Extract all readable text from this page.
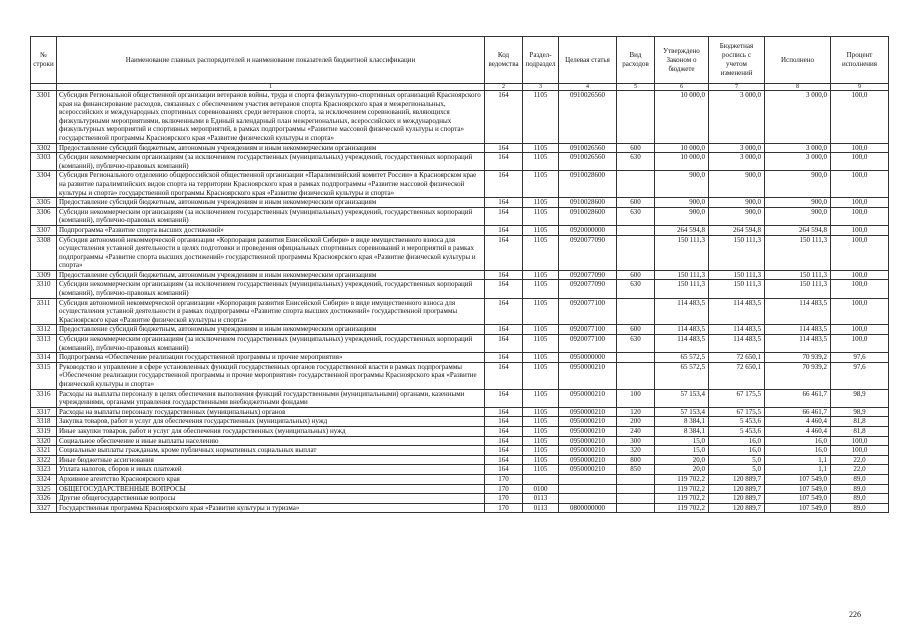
№ строки	Наименование главных распорядителей и наименование показателей бюджетной классификации	Код ведомства	Раздел-подраздел	Целевая статья	Вид расходов	Утверждено Законом о бюджете	Бюджетная роспись с учетом изменений	Исполнено	Процент исполнения
	1	2	3	4	5	6	7	8	9
3301	Субсидия Региональной общественной организации ветеранов войны, труда и спорта физкультурно-спортивных организаций Красноярского края на финансирование расходов, связанных с обеспечением участия ветеранов спорта Красноярского края в межрегиональных, всероссийских и международных спортивных соревнованиях среди ветеранов спорта, за исключением соревнований, являющихся физкультурными мероприятиями, включенными в Единый календарный план межрегиональных, всероссийских и международных физкультурных мероприятий и спортивных мероприятий, в рамках подпрограммы «Развитие массовой физической культуры и спорта» государственной программы Красноярского края «Развитие физической культуры и спорта»	164	1105	0910026560		10 000,0	3 000,0	3 000,0	100,0
3302	Предоставление субсидий бюджетным, автономным учреждениям и иным некоммерческим организациям	164	1105	0910026560	600	10 000,0	3 000,0	3 000,0	100,0
3303	Субсидии некоммерческим организациям (за исключением государственных (муниципальных) учреждений, государственных корпораций (компаний), публично-правовых компаний)	164	1105	0910026560	630	10 000,0	3 000,0	3 000,0	100,0
3304	Субсидия Регионального отделению общероссийской общественной организации «Паралимпийский комитет России» в Красноярском крае на развитие паралимпийских видов спорта на территории Красноярского края в рамках подпрограммы «Развитие массовой физической культуры и спорта» государственной программы Красноярского края «Развитие физической культуры и спорта»	164	1105	0910028600		900,0	900,0	900,0	100,0
3305	Предоставление субсидий бюджетным, автономным учреждениям и иным некоммерческим организациям	164	1105	0910028600	600	900,0	900,0	900,0	100,0
3306	Субсидии некоммерческим организациям (за исключением государственных (муниципальных) учреждений, государственных корпораций (компаний), публично-правовых компаний)	164	1105	0910028600	630	900,0	900,0	900,0	100,0
3307	Подпрограмма «Развитие спорта высших достижений»	164	1105	0920000000		264 594,8	264 594,8	264 594,8	100,0
3308	Субсидия автономной некоммерческой организации «Корпорация развития Енисейской Сибири» в виде имущественного взноса для осуществления уставной деятельности в целях подготовки и проведения официальных спортивных соревнований и мероприятий в рамках подпрограммы «Развитие спорта высших достижений» государственной программы Красноярского края «Развитие физической культуры и спорта»	164	1105	0920077090		150 111,3	150 111,3	150 111,3	100,0
3309	Предоставление субсидий бюджетным, автономным учреждениям и иным некоммерческим организациям	164	1105	0920077090	600	150 111,3	150 111,3	150 111,3	100,0
3310	Субсидии некоммерческим организациям (за исключением государственных (муниципальных) учреждений, государственных корпораций (компаний), публично-правовых компаний)	164	1105	0920077090	630	150 111,3	150 111,3	150 111,3	100,0
3311	Субсидия автономной некоммерческой организации «Корпорация развития Енисейской Сибири» в виде имущественного взноса для осуществления уставной деятельности в рамках подпрограммы «Развитие спорта высших достижений» государственной программы Красноярского края «Развитие физической культуры и спорта»	164	1105	0920077100		114 483,5	114 483,5	114 483,5	100,0
3312	Предоставление субсидий бюджетным, автономным учреждениям и иным некоммерческим организациям	164	1105	0920077100	600	114 483,5	114 483,5	114 483,5	100,0
3313	Субсидии некоммерческим организациям (за исключением государственных (муниципальных) учреждений, государственных корпораций (компаний), публично-правовых компаний)	164	1105	0920077100	630	114 483,5	114 483,5	114 483,5	100,0
3314	Подпрограмма «Обеспечение реализации государственной программы и прочие мероприятия»	164	1105	0950000000		65 572,5	72 650,1	70 939,2	97,6
3315	Руководство и управление в сфере установленных функций государственных органов государственной власти в рамках подпрограммы «Обеспечение реализации государственной программы и прочие мероприятия» государственной программы Красноярского края «Развитие физической культуры и спорта»	164	1105	0950000210		65 572,5	72 650,1	70 939,2	97,6
3316	Расходы на выплаты персоналу в целях обеспечения выполнения функций государственными (муниципальными) органами, казенными учреждениями, органами управления государственными внебюджетными фондами	164	1105	0950000210	100	57 153,4	67 175,5	66 461,7	98,9
3317	Расходы на выплаты персоналу государственных (муниципальных) органов	164	1105	0950000210	120	57 153,4	67 175,5	66 461,7	98,9
3318	Закупка товаров, работ и услуг для обеспечения государственных (муниципальных) нужд	164	1105	0950000210	200	8 384,1	5 453,6	4 460,4	81,8
3319	Иные закупки товаров, работ и услуг для обеспечения государственных (муниципальных) нужд	164	1105	0950000210	240	8 384,1	5 453,6	4 460,4	81,8
3320	Социальное обеспечение и иные выплаты населению	164	1105	0950000210	300	15,0	16,0	16,0	100,0
3321	Социальные выплаты гражданам, кроме публичных нормативных социальных выплат	164	1105	0950000210	320	15,0	16,0	16,0	100,0
3322	Иные бюджетные ассигнования	164	1105	0950000210	800	20,0	5,0	1,1	22,0
3323	Уплата налогов, сборов и иных платежей	164	1105	0950000210	850	20,0	5,0	1,1	22,0
3324	Архивное агентство Красноярского края	170				119 702,2	120 889,7	107 549,0	89,0
3325	ОБЩЕГОСУДАРСТВЕННЫЕ ВОПРОСЫ	170	0100			119 702,2	120 889,7	107 549,0	89,0
3326	Другие общегосударственные вопросы	170	0113			119 702,2	120 889,7	107 549,0	89,0
3327	Государственная программа Красноярского края «Развитие культуры и туризма»	170	0113	0800000000		119 702,2	120 889,7	107 549,0	89,0
226
